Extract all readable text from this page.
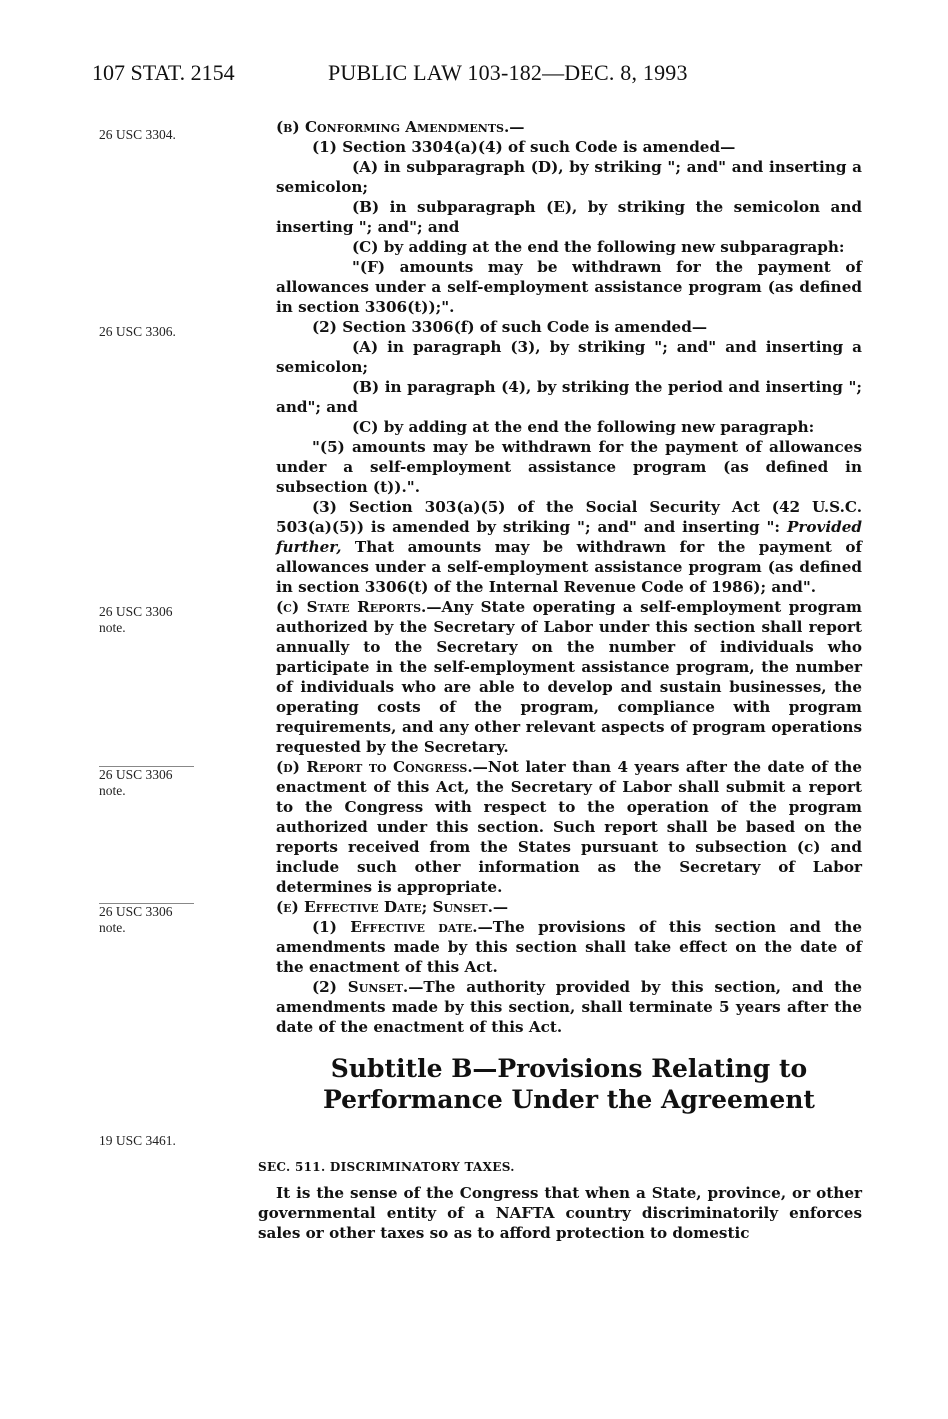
107 STAT. 2154	PUBLIC LAW 103-182—DEC. 8, 1993
26 USC 3304.
26 USC 3306.
26 USC 3306 note.
26 USC 3306 note.
26 USC 3306 note.
19 USC 3461.

(b) Conforming Amendments.—

(1) Section 3304(a)(4) of such Code is amended—

(A) in subparagraph (D), by striking "; and" and inserting a semicolon;

(B) in subparagraph (E), by striking the semicolon and inserting "; and"; and

(C) by adding at the end the following new subparagraph:

"(F) amounts may be withdrawn for the payment of allowances under a self-employment assistance program (as defined in section 3306(t));".

(2) Section 3306(f) of such Code is amended—

(A) in paragraph (3), by striking "; and" and inserting a semicolon;

(B) in paragraph (4), by striking the period and inserting "; and"; and

(C) by adding at the end the following new paragraph:

"(5) amounts may be withdrawn for the payment of allowances under a self-employment assistance program (as defined in subsection (t)).".

(3) Section 303(a)(5) of the Social Security Act (42 U.S.C. 503(a)(5)) is amended by striking "; and" and inserting ": Provided further, That amounts may be withdrawn for the payment of allowances under a self-employment assistance program (as defined in section 3306(t) of the Internal Revenue Code of 1986); and".

(c) State Reports.—Any State operating a self-employment program authorized by the Secretary of Labor under this section shall report annually to the Secretary on the number of individuals who participate in the self-employment assistance program, the number of individuals who are able to develop and sustain businesses, the operating costs of the program, compliance with program requirements, and any other relevant aspects of program operations requested by the Secretary.

(d) Report to Congress.—Not later than 4 years after the date of the enactment of this Act, the Secretary of Labor shall submit a report to the Congress with respect to the operation of the program authorized under this section. Such report shall be based on the reports received from the States pursuant to subsection (c) and include such other information as the Secretary of Labor determines is appropriate.

(e) Effective Date; Sunset.—

(1) Effective date.—The provisions of this section and the amendments made by this section shall take effect on the date of the enactment of this Act.

(2) Sunset.—The authority provided by this section, and the amendments made by this section, shall terminate 5 years after the date of the enactment of this Act.

Subtitle B—Provisions Relating to
Performance Under the Agreement
SEC. 511. DISCRIMINATORY TAXES.
It is the sense of the Congress that when a State, province, or other governmental entity of a NAFTA country discriminatorily enforces sales or other taxes so as to afford protection to domestic
